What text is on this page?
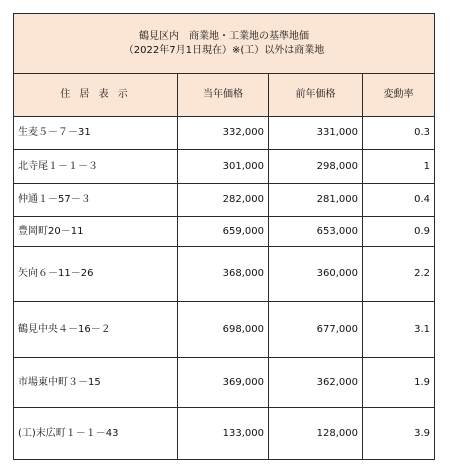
鶴見区内　商業地・工業地の基準地価
（2022年7月1日現在）※(工）以外は商業地			

住 居 表 示	当年価格	前年価格	変動率
生麦５－７－31	332,000	331,000	0.3
北寺尾１－１－３	301,000	298,000	1
仲通１－57－３	282,000	281,000	0.4
豊岡町20－11	659,000	653,000	0.9
矢向６－11－26	368,000	360,000	2.2
鶴見中央４－16－２	698,000	677,000	3.1
市場東中町３－15	369,000	362,000	1.9
(工)末広町１－１－43	133,000	128,000	3.9
